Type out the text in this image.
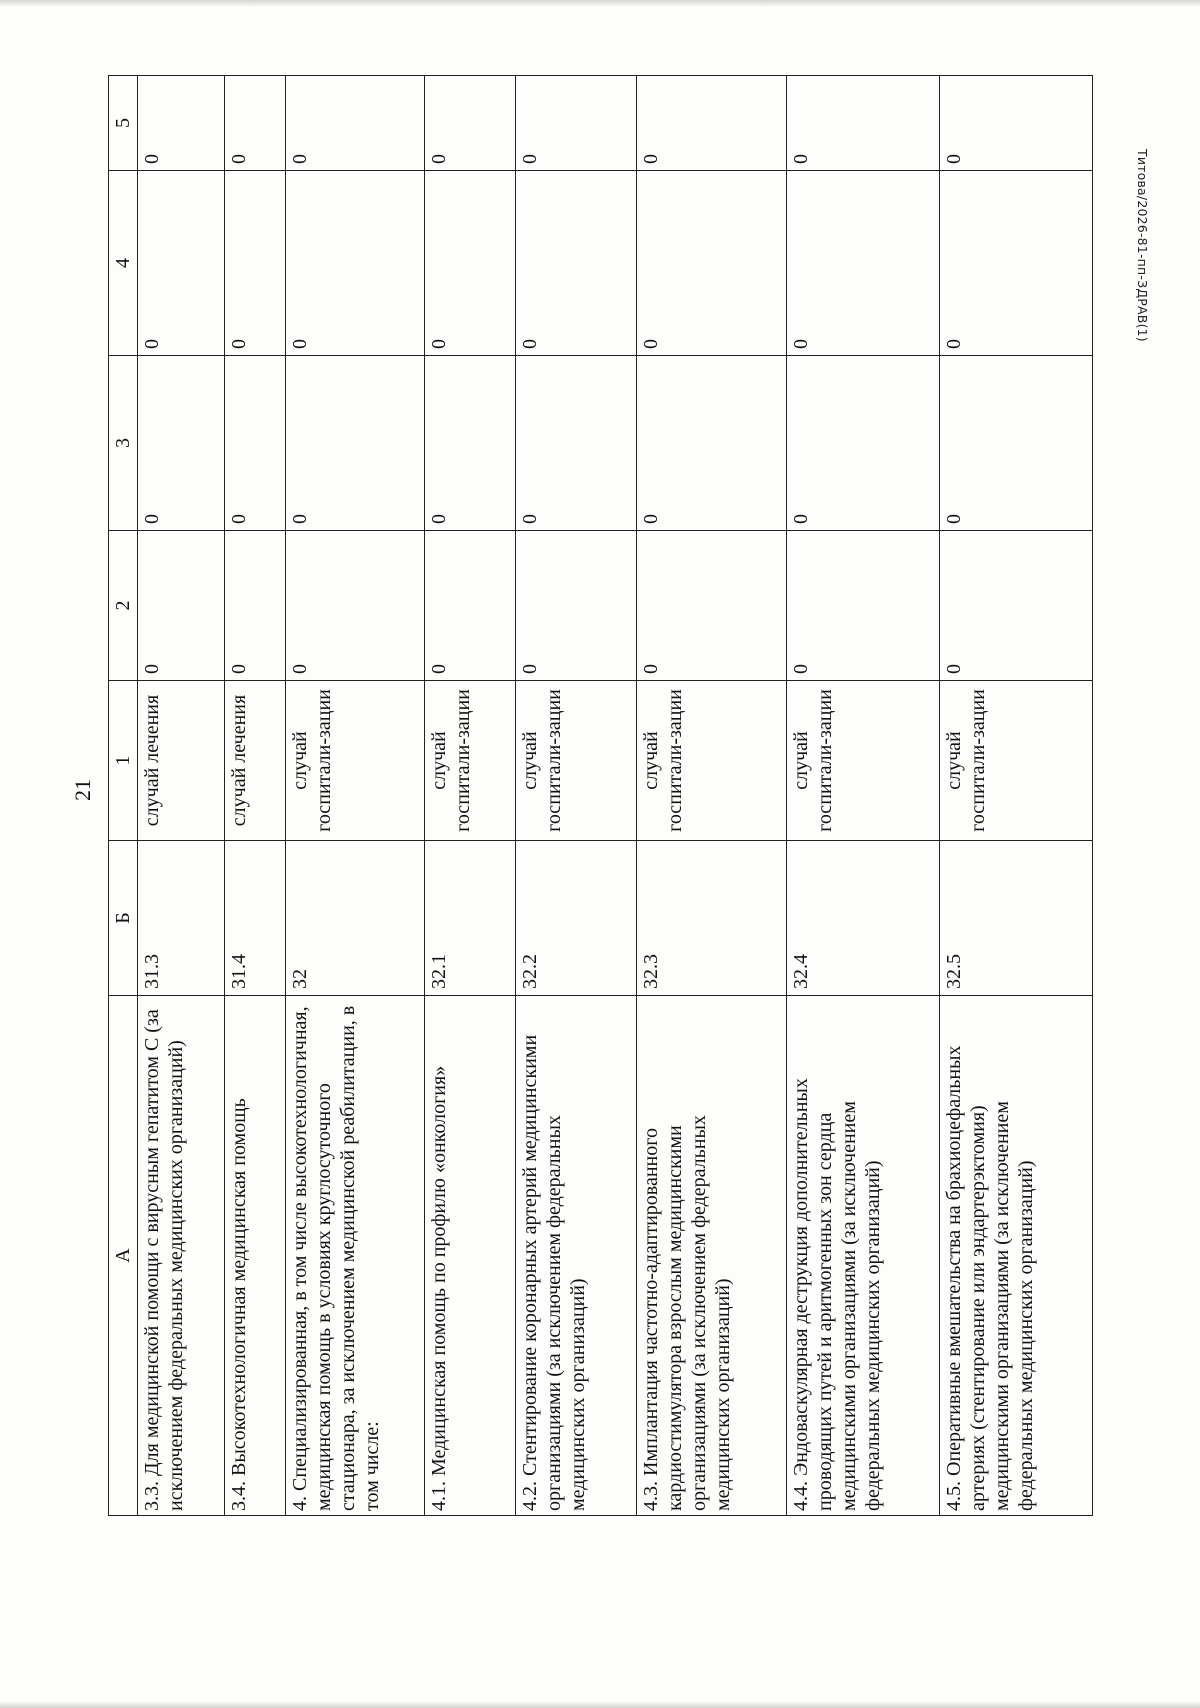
21
Титова/2026-81-пп-ЗДРАВ(1)
А	Б	1	2	3	4	5
3.3. Для медицинской помощи с вирусным гепатитом С (за исключением федеральных медицинских организаций)	31.3	случай лечения	0	0	0	0
3.4. Высокотехнологичная медицинская помощь	31.4	случай лечения	0	0	0	0
4. Специализированная, в том числе высокотехнологичная, медицинская помощь в условиях круглосуточного стационара, за исключением медицинской реабилитации, в том числе:	32	случай госпитали-зации	0	0	0	0
4.1. Медицинская помощь по профилю «онкология»	32.1	случай госпитали-зации	0	0	0	0
4.2. Стентирование коронарных артерий медицинскими организациями (за исключением федеральных медицинских организаций)	32.2	случай госпитали-зации	0	0	0	0
4.3. Имплантация частотно-адаптированного кардиостимулятора взрослым медицинскими организациями (за исключением федеральных медицинских организаций)	32.3	случай госпитали-зации	0	0	0	0
4.4. Эндоваскулярная деструкция дополнительных проводящих путей и аритмогенных зон сердца медицинскими организациями (за исключением федеральных медицинских организаций)	32.4	случай госпитали-зации	0	0	0	0
4.5. Оперативные вмешательства на брахиоцефальных артериях (стентирование или эндартерэктомия) медицинскими организациями (за исключением федеральных медицинских организаций)	32.5	случай госпитали-зации	0	0	0	0
